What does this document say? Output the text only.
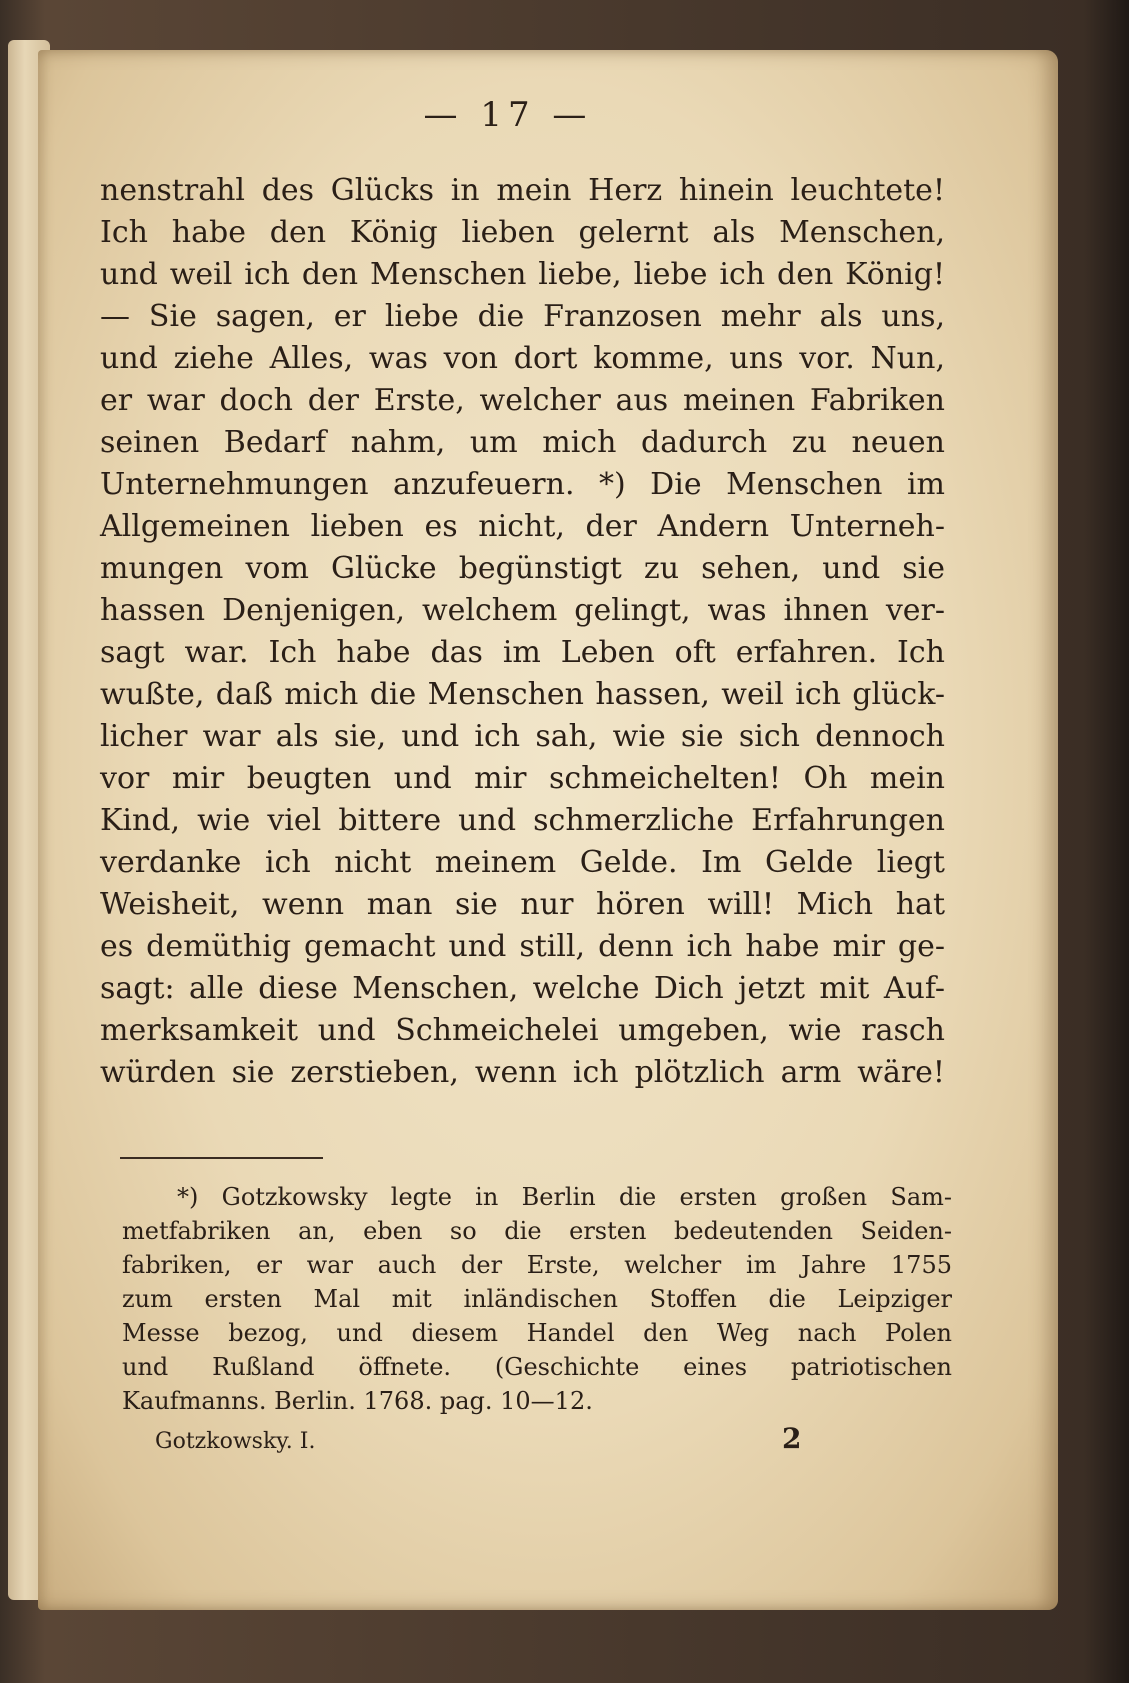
— 17 —
nenstrahl des Glücks in mein Herz hinein leuchtete!
Ich habe den König lieben gelernt als Menschen,
und weil ich den Menschen liebe, liebe ich den König!
— Sie sagen, er liebe die Franzosen mehr als uns,
und ziehe Alles, was von dort komme, uns vor. Nun,
er war doch der Erste, welcher aus meinen Fabriken
seinen Bedarf nahm, um mich dadurch zu neuen
Unternehmungen anzufeuern. *) Die Menschen im
Allgemeinen lieben es nicht, der Andern Unterneh-
mungen vom Glücke begünstigt zu sehen, und sie
hassen Denjenigen, welchem gelingt, was ihnen ver-
sagt war. Ich habe das im Leben oft erfahren. Ich
wußte, daß mich die Menschen hassen, weil ich glück-
licher war als sie, und ich sah, wie sie sich dennoch
vor mir beugten und mir schmeichelten! Oh mein
Kind, wie viel bittere und schmerzliche Erfahrungen
verdanke ich nicht meinem Gelde. Im Gelde liegt
Weisheit, wenn man sie nur hören will! Mich hat
es demüthig gemacht und still, denn ich habe mir ge-
sagt: alle diese Menschen, welche Dich jetzt mit Auf-
merksamkeit und Schmeichelei umgeben, wie rasch
würden sie zerstieben, wenn ich plötzlich arm wäre!
*) Gotzkowsky legte in Berlin die ersten großen Sam-
metfabriken an, eben so die ersten bedeutenden Seiden-
fabriken, er war auch der Erste, welcher im Jahre 1755
zum ersten Mal mit inländischen Stoffen die Leipziger
Messe bezog, und diesem Handel den Weg nach Polen
und Rußland öffnete. (Geschichte eines patriotischen
Kaufmanns. Berlin. 1768. pag. 10—12.
Gotzkowsky. I.	2
